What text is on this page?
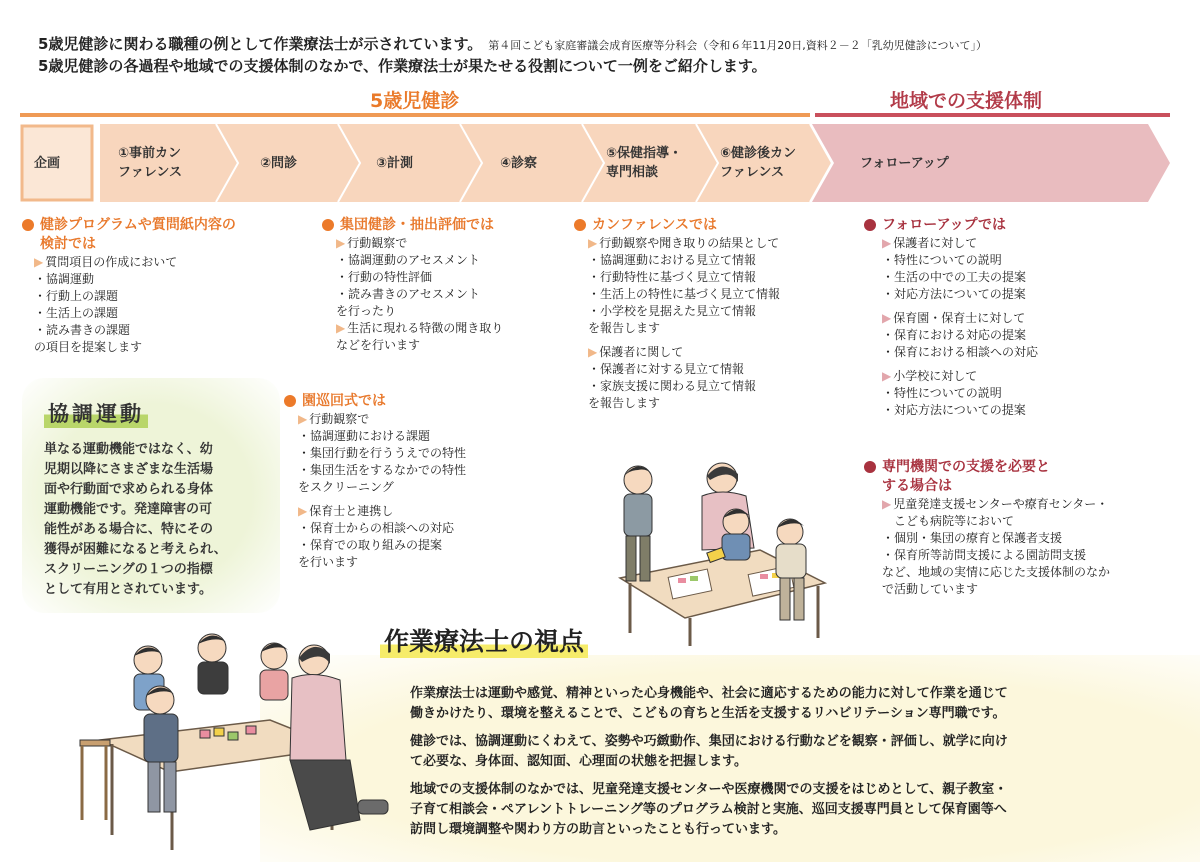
5歳児健診に関わる職種の例として作業療法士が示されています。 第４回こども家庭審議会成育医療等分科会（令和６年11月20日,資料２－２「乳幼児健診について」）
5歳児健診の各過程や地域での支援体制のなかで、作業療法士が果たせる役割について一例をご紹介します。
5歳児健診	地域での支援体制
企画
①事前カン
ファレンス
②問診	③計測	④診察
⑤保健指導・
専門相談
⑥健診後カン
ファレンス
フォローアップ
健診プログラムや質問紙内容の
検討では
▶ 質問項目の作成において
・協調運動
・行動上の課題
・生活上の課題
・読み書きの課題
の項目を提案します
集団健診・抽出評価では
▶ 行動観察で
・協調運動のアセスメント
・行動の特性評価
・読み書きのアセスメント
を行ったり
▶ 生活に現れる特徴の聞き取り
などを行います
園巡回式では
▶ 行動観察で
・協調運動における課題
・集団行動を行ううえでの特性
・集団生活をするなかでの特性
をスクリーニング
▶ 保育士と連携し
・保育士からの相談への対応
・保育での取り組みの提案
を行います
カンファレンスでは
▶ 行動観察や聞き取りの結果として
・協調運動における見立て情報
・行動特性に基づく見立て情報
・生活上の特性に基づく見立て情報
・小学校を見据えた見立て情報
を報告します
▶ 保護者に関して
・保護者に対する見立て情報
・家族支援に関わる見立て情報
を報告します
フォローアップでは
▶ 保護者に対して
・特性についての説明
・生活の中での工夫の提案
・対応方法についての提案
▶ 保育園・保育士に対して
・保育における対応の提案
・保育における相談への対応
▶ 小学校に対して
・特性についての説明
・対応方法についての提案
専門機関での支援を必要と
する場合は
▶ 児童発達支援センターや療育センター・
　こども病院等において
・個別・集団の療育と保護者支援
・保育所等訪問支援による園訪問支援
など、地域の実情に応じた支援体制のなか
で活動しています
協調運動
単なる運動機能ではなく、幼
児期以降にさまざまな生活場
面や行動面で求められる身体
運動機能です。発達障害の可
能性がある場合に、特にその
獲得が困難になると考えられ、
スクリーニングの１つの指標
として有用とされています。
作業療法士の視点

作業療法士は運動や感覚、精神といった心身機能や、社会に適応するための能力に対して作業を通じて
働きかけたり、環境を整えることで、こどもの育ちと生活を支援するリハビリテーション専門職です。

健診では、協調運動にくわえて、姿勢や巧緻動作、集団における行動などを観察・評価し、就学に向け
て必要な、身体面、認知面、心理面の状態を把握します。

地域での支援体制のなかでは、児童発達支援センターや医療機関での支援をはじめとして、親子教室・
子育て相談会・ペアレントトレーニング等のプログラム検討と実施、巡回支援専門員として保育園等へ
訪問し環境調整や関わり方の助言といったことも行っています。
